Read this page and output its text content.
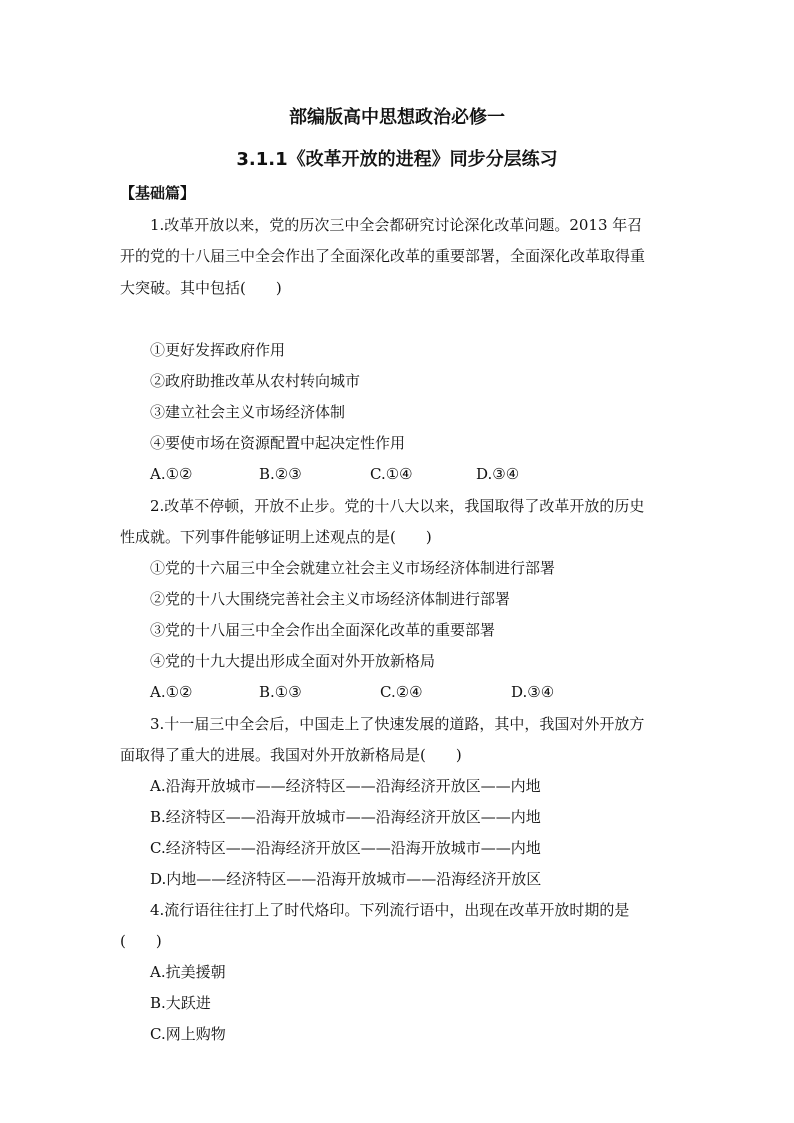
部编版高中思想政治必修一
3.1.1《改革开放的进程》同步分层练习
【基础篇】
1.改革开放以来，党的历次三中全会都研究讨论深化改革问题。2013 年召
开的党的十八届三中全会作出了全面深化改革的重要部署，全面深化改革取得重
大突破。其中包括(　　)
①更好发挥政府作用
②政府助推改革从农村转向城市
③建立社会主义市场经济体制
④要使市场在资源配置中起决定性作用
A.①②	B.②③	C.①④	D.③④
2.改革不停顿，开放不止步。党的十八大以来，我国取得了改革开放的历史
性成就。下列事件能够证明上述观点的是(　　)
①党的十六届三中全会就建立社会主义市场经济体制进行部署
②党的十八大围绕完善社会主义市场经济体制进行部署
③党的十八届三中全会作出全面深化改革的重要部署
④党的十九大提出形成全面对外开放新格局
A.①②	B.①③	C.②④	D.③④
3.十一届三中全会后，中国走上了快速发展的道路，其中，我国对外开放方
面取得了重大的进展。我国对外开放新格局是(　　)
A.沿海开放城市——经济特区——沿海经济开放区——内地
B.经济特区——沿海开放城市——沿海经济开放区——内地
C.经济特区——沿海经济开放区——沿海开放城市——内地
D.内地——经济特区——沿海开放城市——沿海经济开放区
4.流行语往往打上了时代烙印。下列流行语中，出现在改革开放时期的是
(　　)
A.抗美援朝
B.大跃进
C.网上购物
